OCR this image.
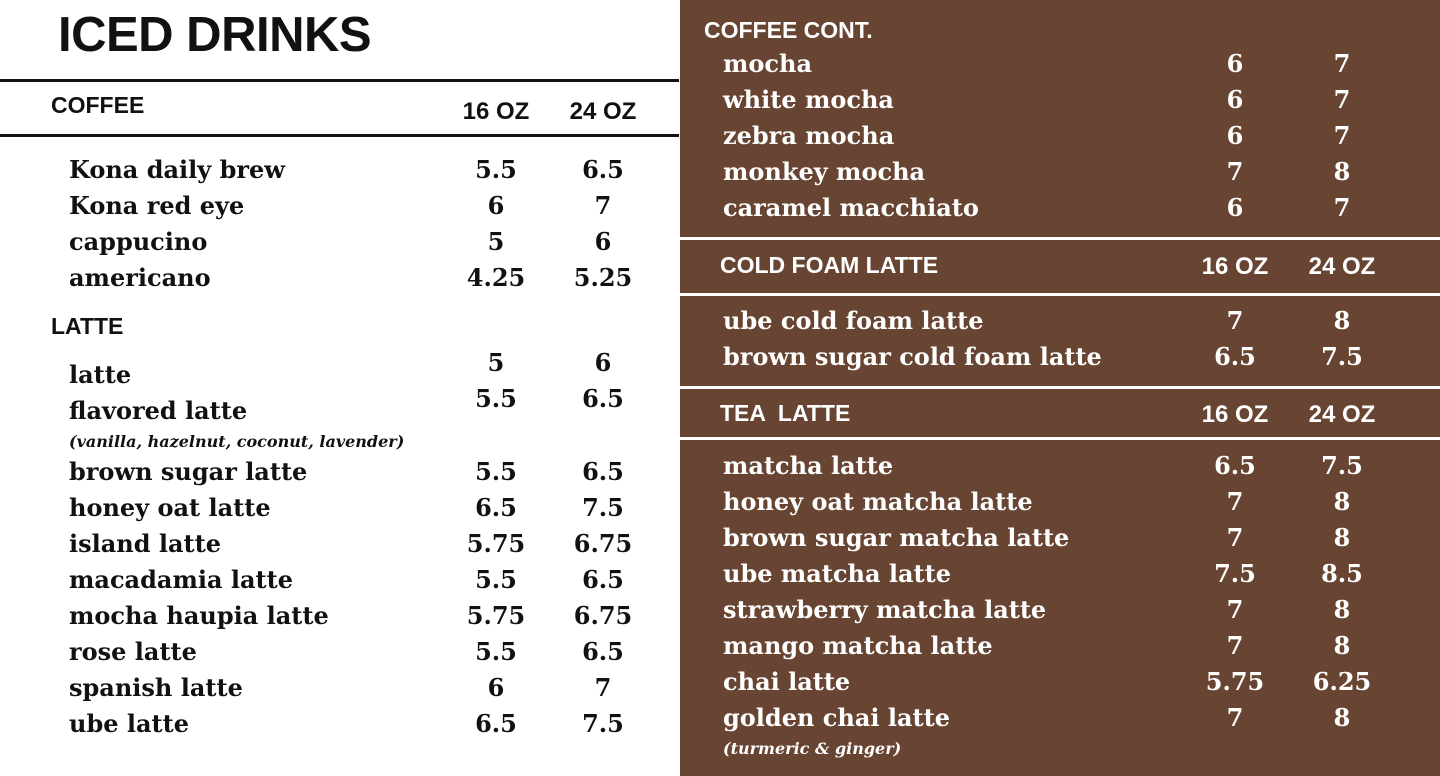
ICED DRINKS
COFFEE	16 OZ	24 OZ
Kona daily brew	5.5	6.5
Kona red eye	6	7
cappucino	5	6
americano	4.25	5.25
LATTE
latte	5	6
flavored latte	5.5	6.5
(vanilla, hazelnut, coconut, lavender)
brown sugar latte	5.5	6.5
honey oat latte	6.5	7.5
island latte	5.75	6.75
macadamia latte	5.5	6.5
mocha haupia latte	5.75	6.75
rose latte	5.5	6.5
spanish latte	6	7
ube latte	6.5	7.5
COFFEE CONT.
mocha	6	7
white mocha	6	7
zebra mocha	6	7
monkey mocha	7	8
caramel macchiato	6	7
COLD FOAM LATTE	16 OZ	24 OZ
ube cold foam latte	7	8
brown sugar cold foam latte	6.5	7.5
TEA  LATTE	16 OZ	24 OZ
matcha latte	6.5	7.5
honey oat matcha latte	7	8
brown sugar matcha latte	7	8
ube matcha latte	7.5	8.5
strawberry matcha latte	7	8
mango matcha latte	7	8
chai latte	5.75	6.25
golden chai latte	7	8
(turmeric & ginger)
